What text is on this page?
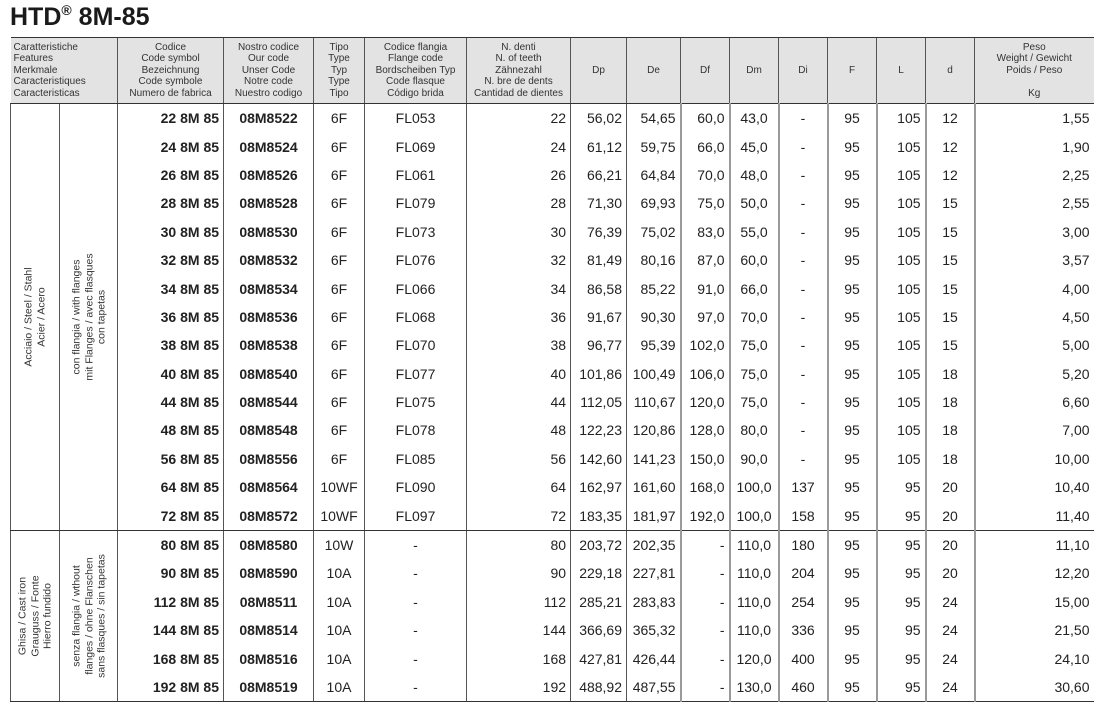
HTD® 8M-85
Caratteristiche
Features
Merkmale
Caracteristiques
Caracteristicas		Codice
Code symbol
Bezeichnung
Code symbole
Numero de fabrica	Nostro codice
Our code
Unser Code
Notre code
Nuestro codigo	Tipo
Type
Typ
Type
Tipo	Codice flangia
Flange code
Bordscheiben Typ
Code flasque
Código brida	N. denti
N. of teeth
Zähnezahl
N. bre de dents
Cantidad de dientes	Dp	De	Df	Dm	Di	F	L	d	Peso
Weight / Gewicht
Poids / Peso

Kg

Acciaio / Steel / Stahl Acier / Acero	con flangia / with flanges mit Flanges / avec flasques con tapetas	22 8M 85	08M8522	6F	FL053	22	56,02	54,65	60,0	43,0	-	95	105	12	1,55
		24 8M 85	08M8524	6F	FL069	24	61,12	59,75	66,0	45,0	-	95	105	12	1,90
		26 8M 85	08M8526	6F	FL061	26	66,21	64,84	70,0	48,0	-	95	105	12	2,25
		28 8M 85	08M8528	6F	FL079	28	71,30	69,93	75,0	50,0	-	95	105	15	2,55
		30 8M 85	08M8530	6F	FL073	30	76,39	75,02	83,0	55,0	-	95	105	15	3,00
		32 8M 85	08M8532	6F	FL076	32	81,49	80,16	87,0	60,0	-	95	105	15	3,57
		34 8M 85	08M8534	6F	FL066	34	86,58	85,22	91,0	66,0	-	95	105	15	4,00
		36 8M 85	08M8536	6F	FL068	36	91,67	90,30	97,0	70,0	-	95	105	15	4,50
		38 8M 85	08M8538	6F	FL070	38	96,77	95,39	102,0	75,0	-	95	105	15	5,00
		40 8M 85	08M8540	6F	FL077	40	101,86	100,49	106,0	75,0	-	95	105	18	5,20
		44 8M 85	08M8544	6F	FL075	44	112,05	110,67	120,0	75,0	-	95	105	18	6,60
		48 8M 85	08M8548	6F	FL078	48	122,23	120,86	128,0	80,0	-	95	105	18	7,00
		56 8M 85	08M8556	6F	FL085	56	142,60	141,23	150,0	90,0	-	95	105	18	10,00
		64 8M 85	08M8564	10WF	FL090	64	162,97	161,60	168,0	100,0	137	95	95	20	10,40
		72 8M 85	08M8572	10WF	FL097	72	183,35	181,97	192,0	100,0	158	95	95	20	11,40

Ghisa / Cast iron Grauguss / Fonte Hierro fundido	senza flangia / wthout flanges / ohne Flanschen sans flasques / sin tapetas	80 8M 85	08M8580	10W	-	80	203,72	202,35	-	110,0	180	95	95	20	11,10
		90 8M 85	08M8590	10A	-	90	229,18	227,81	-	110,0	204	95	95	20	12,20
		112 8M 85	08M8511	10A	-	112	285,21	283,83	-	110,0	254	95	95	24	15,00
		144 8M 85	08M8514	10A	-	144	366,69	365,32	-	110,0	336	95	95	24	21,50
		168 8M 85	08M8516	10A	-	168	427,81	426,44	-	120,0	400	95	95	24	24,10
		192 8M 85	08M8519	10A	-	192	488,92	487,55	-	130,0	460	95	95	24	30,60
